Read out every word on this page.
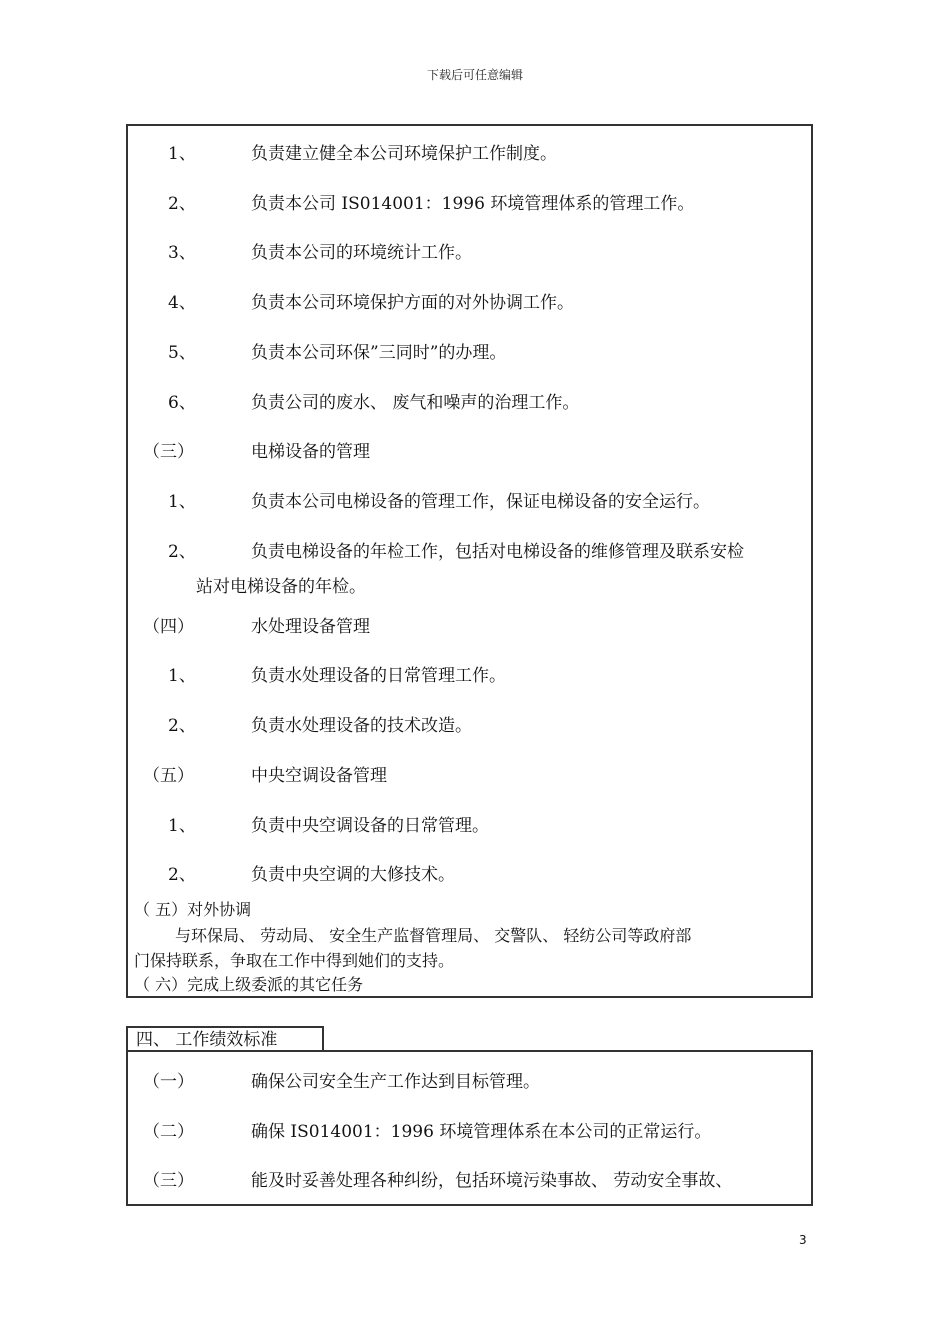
下载后可任意编辑
1、	负责建立健全本公司环境保护工作制度。
2、	负责本公司 IS014001：1996 环境管理体系的管理工作。
3、	负责本公司的环境统计工作。
4、	负责本公司环境保护方面的对外协调工作。
5、	负责本公司环保”三同时”的办理。
6、	负责公司的废水、 废气和噪声的治理工作。
（三）	电梯设备的管理
1、	负责本公司电梯设备的管理工作，保证电梯设备的安全运行。
2、	负责电梯设备的年检工作，包括对电梯设备的维修管理及联系安检
站对电梯设备的年检。
（四）	水处理设备管理
1、	负责水处理设备的日常管理工作。
2、	负责水处理设备的技术改造。
（五）	中央空调设备管理
1、	负责中央空调设备的日常管理。
2、	负责中央空调的大修技术。
（ 五）对外协调
与环保局、 劳动局、 安全生产监督管理局、 交警队、 轻纺公司等政府部
门保持联系，争取在工作中得到她们的支持。
（ 六）完成上级委派的其它任务
四、 工作绩效标准
（一）	确保公司安全生产工作达到目标管理。
（二）	确保 IS014001：1996 环境管理体系在本公司的正常运行。
（三）	能及时妥善处理各种纠纷，包括环境污染事故、 劳动安全事故、
3
